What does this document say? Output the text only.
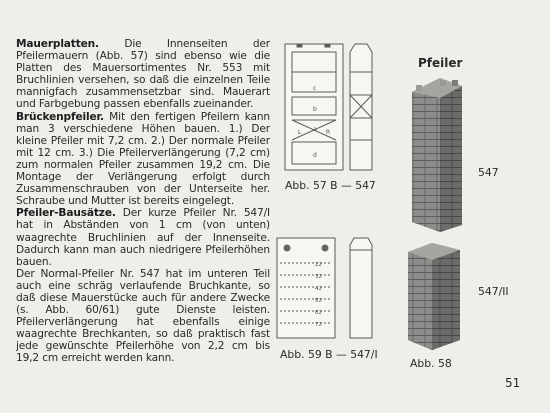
Mauerplatten. Die Innenseiten der Pfeilermauern (Abb. 57) sind ebenso wie die Platten des Mauersortimentes Nr. 553 mit Bruchlinien versehen, so daß die einzelnen Teile mannigfach zusammensetzbar sind. Mauerart und Farbgebung passen ebenfalls zueinander.

Brückenpfeiler. Mit den fertigen Pfeilern kann man 3 verschiedene Höhen bauen. 1.) Der kleine Pfeiler mit 7,2 cm. 2.) Der normale Pfeiler mit 12 cm. 3.) Die Pfeilerverlängerung (7,2 cm) zum normalen Pfeiler zusammen 19,2 cm. Die Montage der Verlängerung erfolgt durch Zusammenschrauben von der Unterseite her. Schraube und Mutter ist bereits eingelegt.

Pfeiler-Bausätze. Der kurze Pfeiler Nr. 547/I hat in Abständen von 1 cm (von unten) waagrechte Bruchlinien auf der Innenseite. Dadurch kann man auch niedrigere Pfeilerhöhen bauen.

Der Normal-Pfeiler Nr. 547 hat im unteren Teil auch eine schräg verlaufende Bruchkante, so daß diese Mauerstücke auch für andere Zwecke (s. Abb. 60/61) gute Dienste leisten. Pfeilerverlängerung hat ebenfalls einige waagrechte Brechkanten, so daß praktisch fast jede gewünschte Pfeilerhöhe von 2,2 cm bis 19,2 cm erreicht werden kann.

c
b
L	R
a
d
22
32
42
52
62
72
Pfeiler
Abb. 57 B — 547
547
547/II
Abb. 59 B — 547/I
Abb. 58
51
